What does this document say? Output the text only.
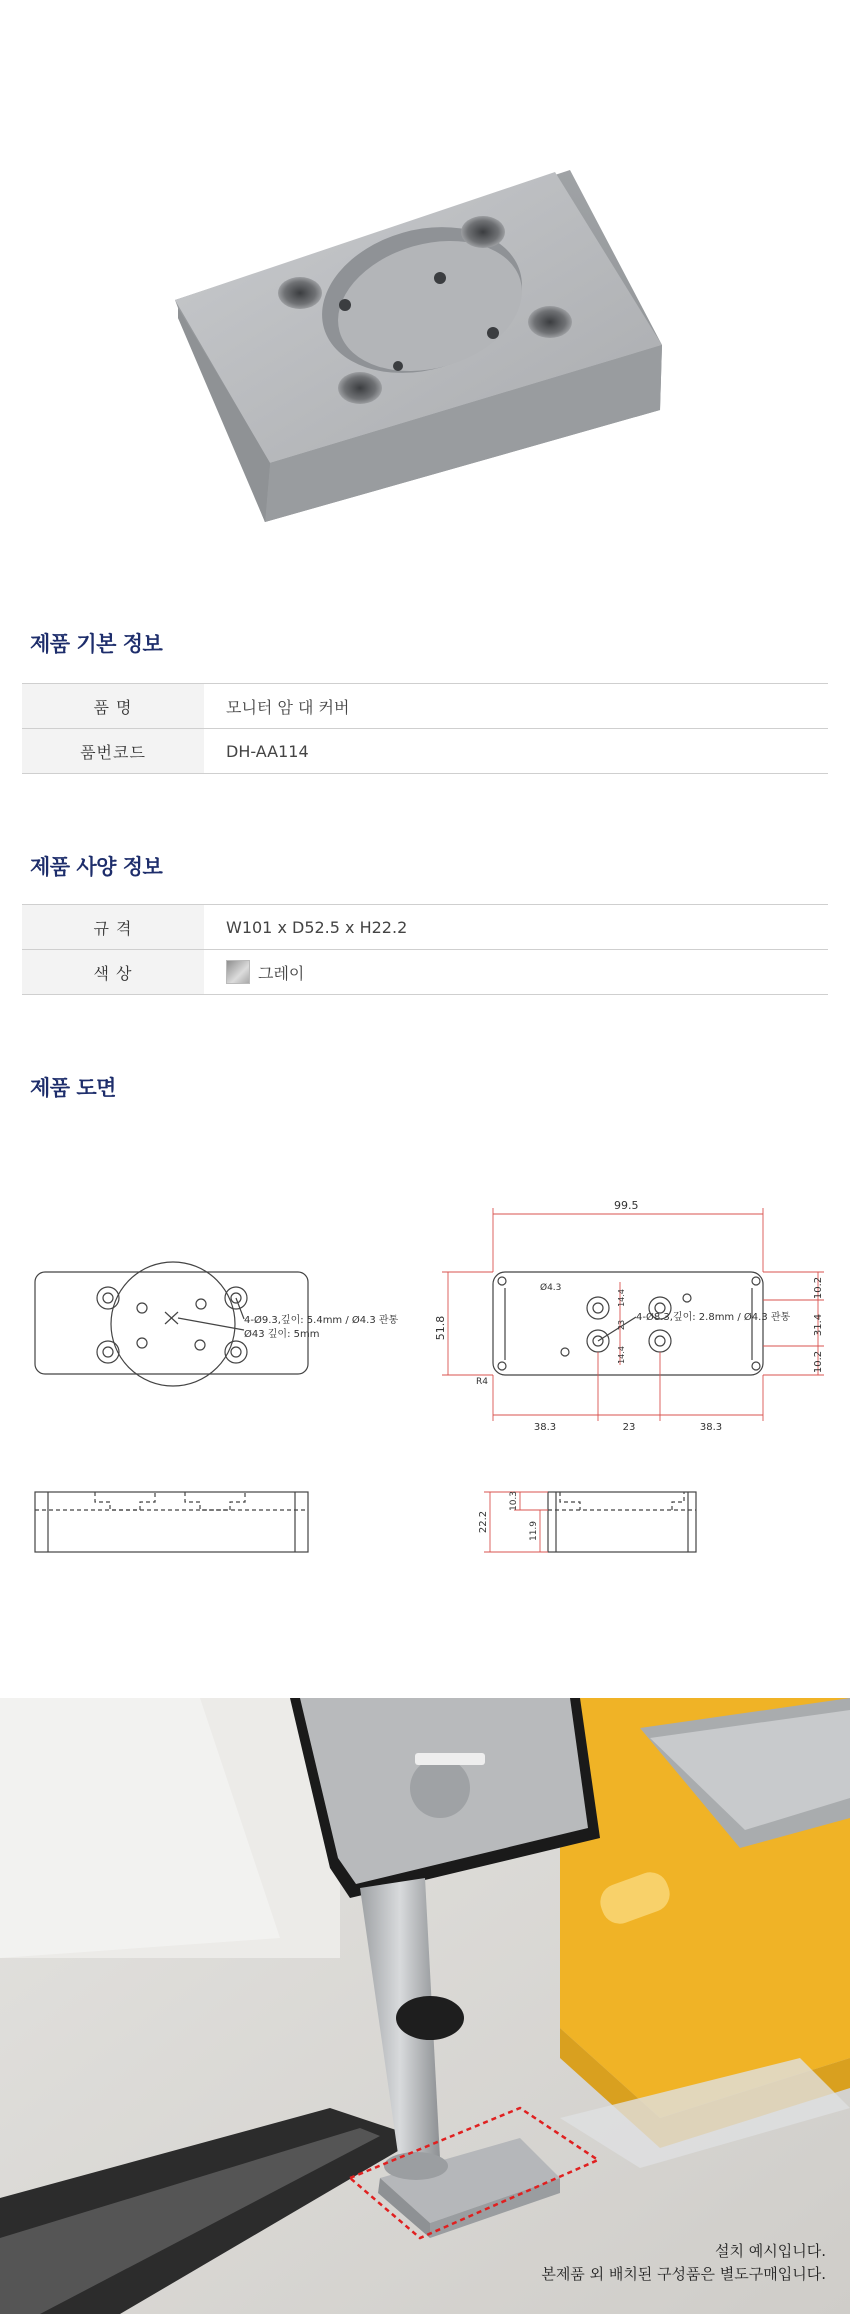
제품 기본 정보
품 명	모니터 암 대 커버
품번코드	DH-AA114
제품 사양 정보
규 격	W101 x D52.5 x H22.2
색 상	그레이
제품 도면
4-Ø9.3,깊이: 5.4mm / Ø4.3 관통
Ø43 깊이: 5mm
99.5
51.8
10.2
31.4
10.2
38.3	23	38.3
Ø4.3
R4
14.4
23
14.4
4-Ø8.3,깊이: 2.8mm / Ø4.3 관통
22.2
10.3
11.9
설치 예시입니다.
본제품 외 배치된 구성품은 별도구매입니다.
